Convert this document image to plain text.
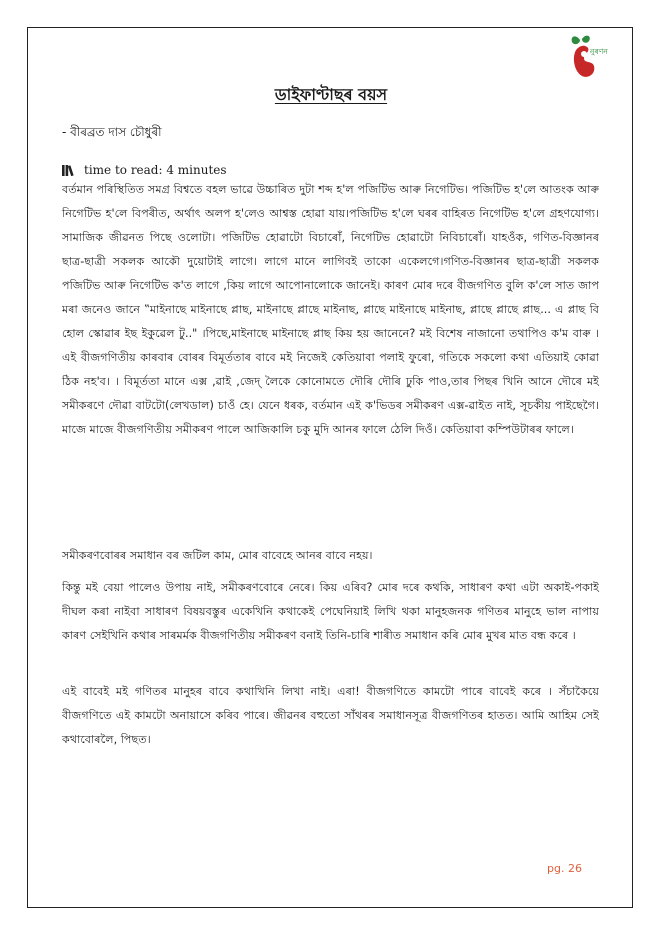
নুৰণন
ডাইফাণ্টাছৰ বয়স
- বীৰব্ৰত দাস চৌধুৰী
time to read: 4 minutes
বৰ্তমান পৰিস্থিতিত সমগ্ৰ বিশ্বতে বহল ভাৱে উচ্চাৰিত দুটা শব্দ হ'ল পজিটিভ আৰু নিগেটিভ। পজিটিভ হ'লে আতংক আৰু নিগেটিভ হ'লে বিপৰীত, অৰ্থাৎ অলপ হ'লেও আশ্বস্ত হোৱা যায়।পজিটিভ হ'লে ঘৰৰ বাহিৰত নিগেটিভ হ'লে গ্ৰহণযোগ্য। সামাজিক জীৱনত পিছে ওলোটা। পজিটিভ হোৱাটো বিচাৰোঁ, নিগেটিভ হোৱাটো নিবিচাৰোঁ। যাহওঁক, গণিত-বিজ্ঞানৰ ছাত্ৰ-ছাত্ৰী সকলক আকৌ দুয়োটাই লাগে। লাগে মানে লাগিবই তাকো একেলগে।গণিত-বিজ্ঞানৰ ছাত্ৰ-ছাত্ৰী সকলক পজিটিভ আৰু নিগেটিভ ক'ত লাগে ,কিয় লাগে আপোনালোকে জানেই। কাৰণ মোৰ দৰে বীজগণিত বুলি ক'লে সাত জাপ মৰা জনেও জানে ‟মাইনাছে মাইনাছে প্লাছ, মাইনাছে প্লাছে মাইনাছ, প্লাছে মাইনাছে মাইনাছ, প্লাছে প্লাছে প্লাছ... এ প্লাছ বি হোল স্কোৱাৰ ইছ ইকুৱেল টু.." ।পিছে,মাইনাছে মাইনাছে প্লাছ কিয় হয় জানেনে? মই বিশেষ নাজানো তথাপিও ক'ম বাৰু ।এই বীজগণিতীয় কাৰবাৰ বোৰৰ বিমূৰ্ততাৰ বাবে মই নিজেই কেতিয়াবা পলাই ফুৰো, গতিকে সকলো কথা এতিয়াই কোৱা ঠিক নহ'ব। । বিমূৰ্ততা মানে এক্স ,ৱাই ,জেদ্ লৈকে কোনোমতে দৌৰি দৌৰি ঢুকি পাও,তাৰ পিছৰ খিনি আনে দৌৰে মই সমীকৰণে দৌৱা বাটটো(লেখডাল) চাওঁ হে। যেনে ধৰক, বৰ্তমান এই ক'ভিডৰ সমীকৰণ এক্স-ৱাইত নাই, সূচকীয় পাইছেগৈ। মাজে মাজে বীজগণিতীয় সমীকৰণ পালে আজিকালি চকু মুদি আনৰ ফালে ঠেলি দিওঁ। কেতিয়াবা কম্পিউটাৰৰ ফালে।
সমীকৰণবোৰৰ সমাধান বৰ জটিল কাম, মোৰ বাবেহে আনৰ বাবে নহয়।
কিন্তু মই বেয়া পালেও উপায় নাই, সমীকৰণবোৰে নেৰে। কিয় এৰিব? মোৰ দৰে কথকি, সাধাৰণ কথা এটা অকাই-পকাই দীঘল কৰা নাইবা সাধাৰণ বিষয়বস্তুৰ একেখিনি কথাকেই পেঘেনিয়াই লিখি থকা মানুহজনক গণিতৰ মানুহে ভাল নাপায় কাৰণ সেইখিনি কথাৰ সাৰমৰ্মক বীজগণিতীয় সমীকৰণ বনাই তিনি-চাৰি শাৰীত সমাধান কৰি মোৰ মুখৰ মাত বন্ধ কৰে ।
এই বাবেই মই গণিতৰ মানুহৰ বাবে কথাখিনি লিখা নাই। এৰা! বীজগণিতে কামটো পাৰে বাবেই কৰে । সঁচাকৈয়ে বীজগণিতে এই কামটো অনায়াসে কৰিব পাৰে। জীৱনৰ বহুতো সাঁথৰৰ সমাধানসূত্ৰ বীজগণিতৰ হাতত। আমি আহিম সেই কথাবোৰলৈ, পিছত।
pg. 26
